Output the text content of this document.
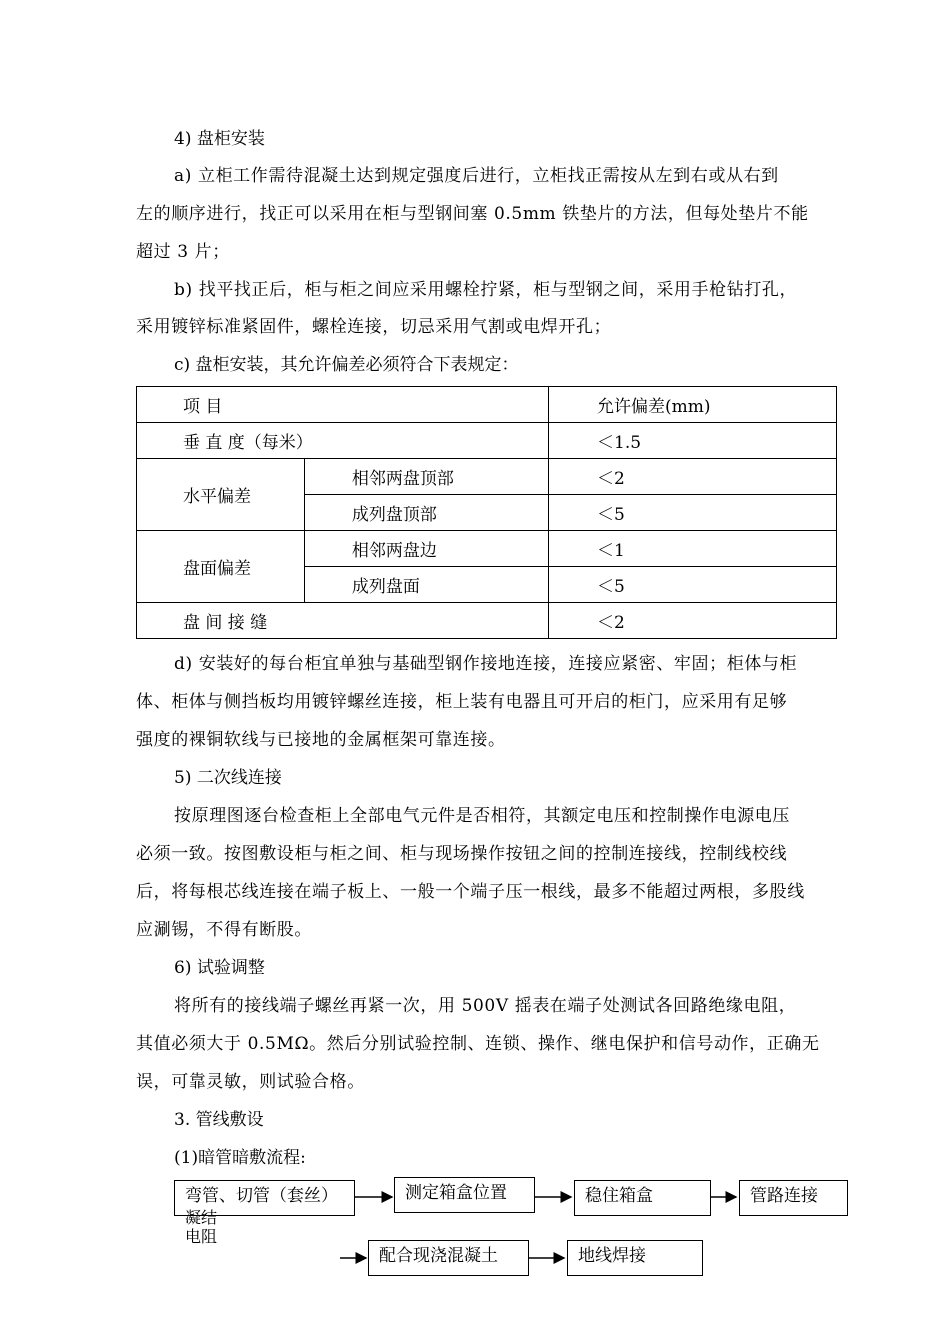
4) 盘柜安装
a) 立柜工作需待混凝土达到规定强度后进行，立柜找正需按从左到右或从右到
左的顺序进行，找正可以采用在柜与型钢间塞 0.5mm 铁垫片的方法，但每处垫片不能
超过 3 片；
b) 找平找正后，柜与柜之间应采用螺栓拧紧，柜与型钢之间，采用手枪钻打孔，
采用镀锌标准紧固件，螺栓连接，切忌采用气割或电焊开孔；
c) 盘柜安装，其允许偏差必须符合下表规定：
项 目		允许偏差(mm)
垂 直 度（每米）		＜1.5
水平偏差	相邻两盘顶部	＜2
	成列盘顶部	＜5
盘面偏差	相邻两盘边	＜1
	成列盘面	＜5
盘 间 接 缝		＜2
d) 安装好的每台柜宜单独与基础型钢作接地连接，连接应紧密、牢固；柜体与柜
体、柜体与侧挡板均用镀锌螺丝连接，柜上装有电器且可开启的柜门，应采用有足够
强度的裸铜软线与已接地的金属框架可靠连接。
5) 二次线连接
按原理图逐台检查柜上全部电气元件是否相符，其额定电压和控制操作电源电压
必须一致。按图敷设柜与柜之间、柜与现场操作按钮之间的控制连接线，控制线校线
后，将每根芯线连接在端子板上、一般一个端子压一根线，最多不能超过两根，多股线
应涮锡，不得有断股。
6) 试验调整
将所有的接线端子螺丝再紧一次，用 500V 摇表在端子处测试各回路绝缘电阻，
其值必须大于 0.5MΩ。然后分别试验控制、连锁、操作、继电保护和信号动作，正确无
误，可靠灵敏，则试验合格。
3. 管线敷设
(1)暗管暗敷流程:
弯管、切管（套丝）
凝结
电阻
测定箱盒位置	稳住箱盒	管路连接
配合现浇混凝土	地线焊接
